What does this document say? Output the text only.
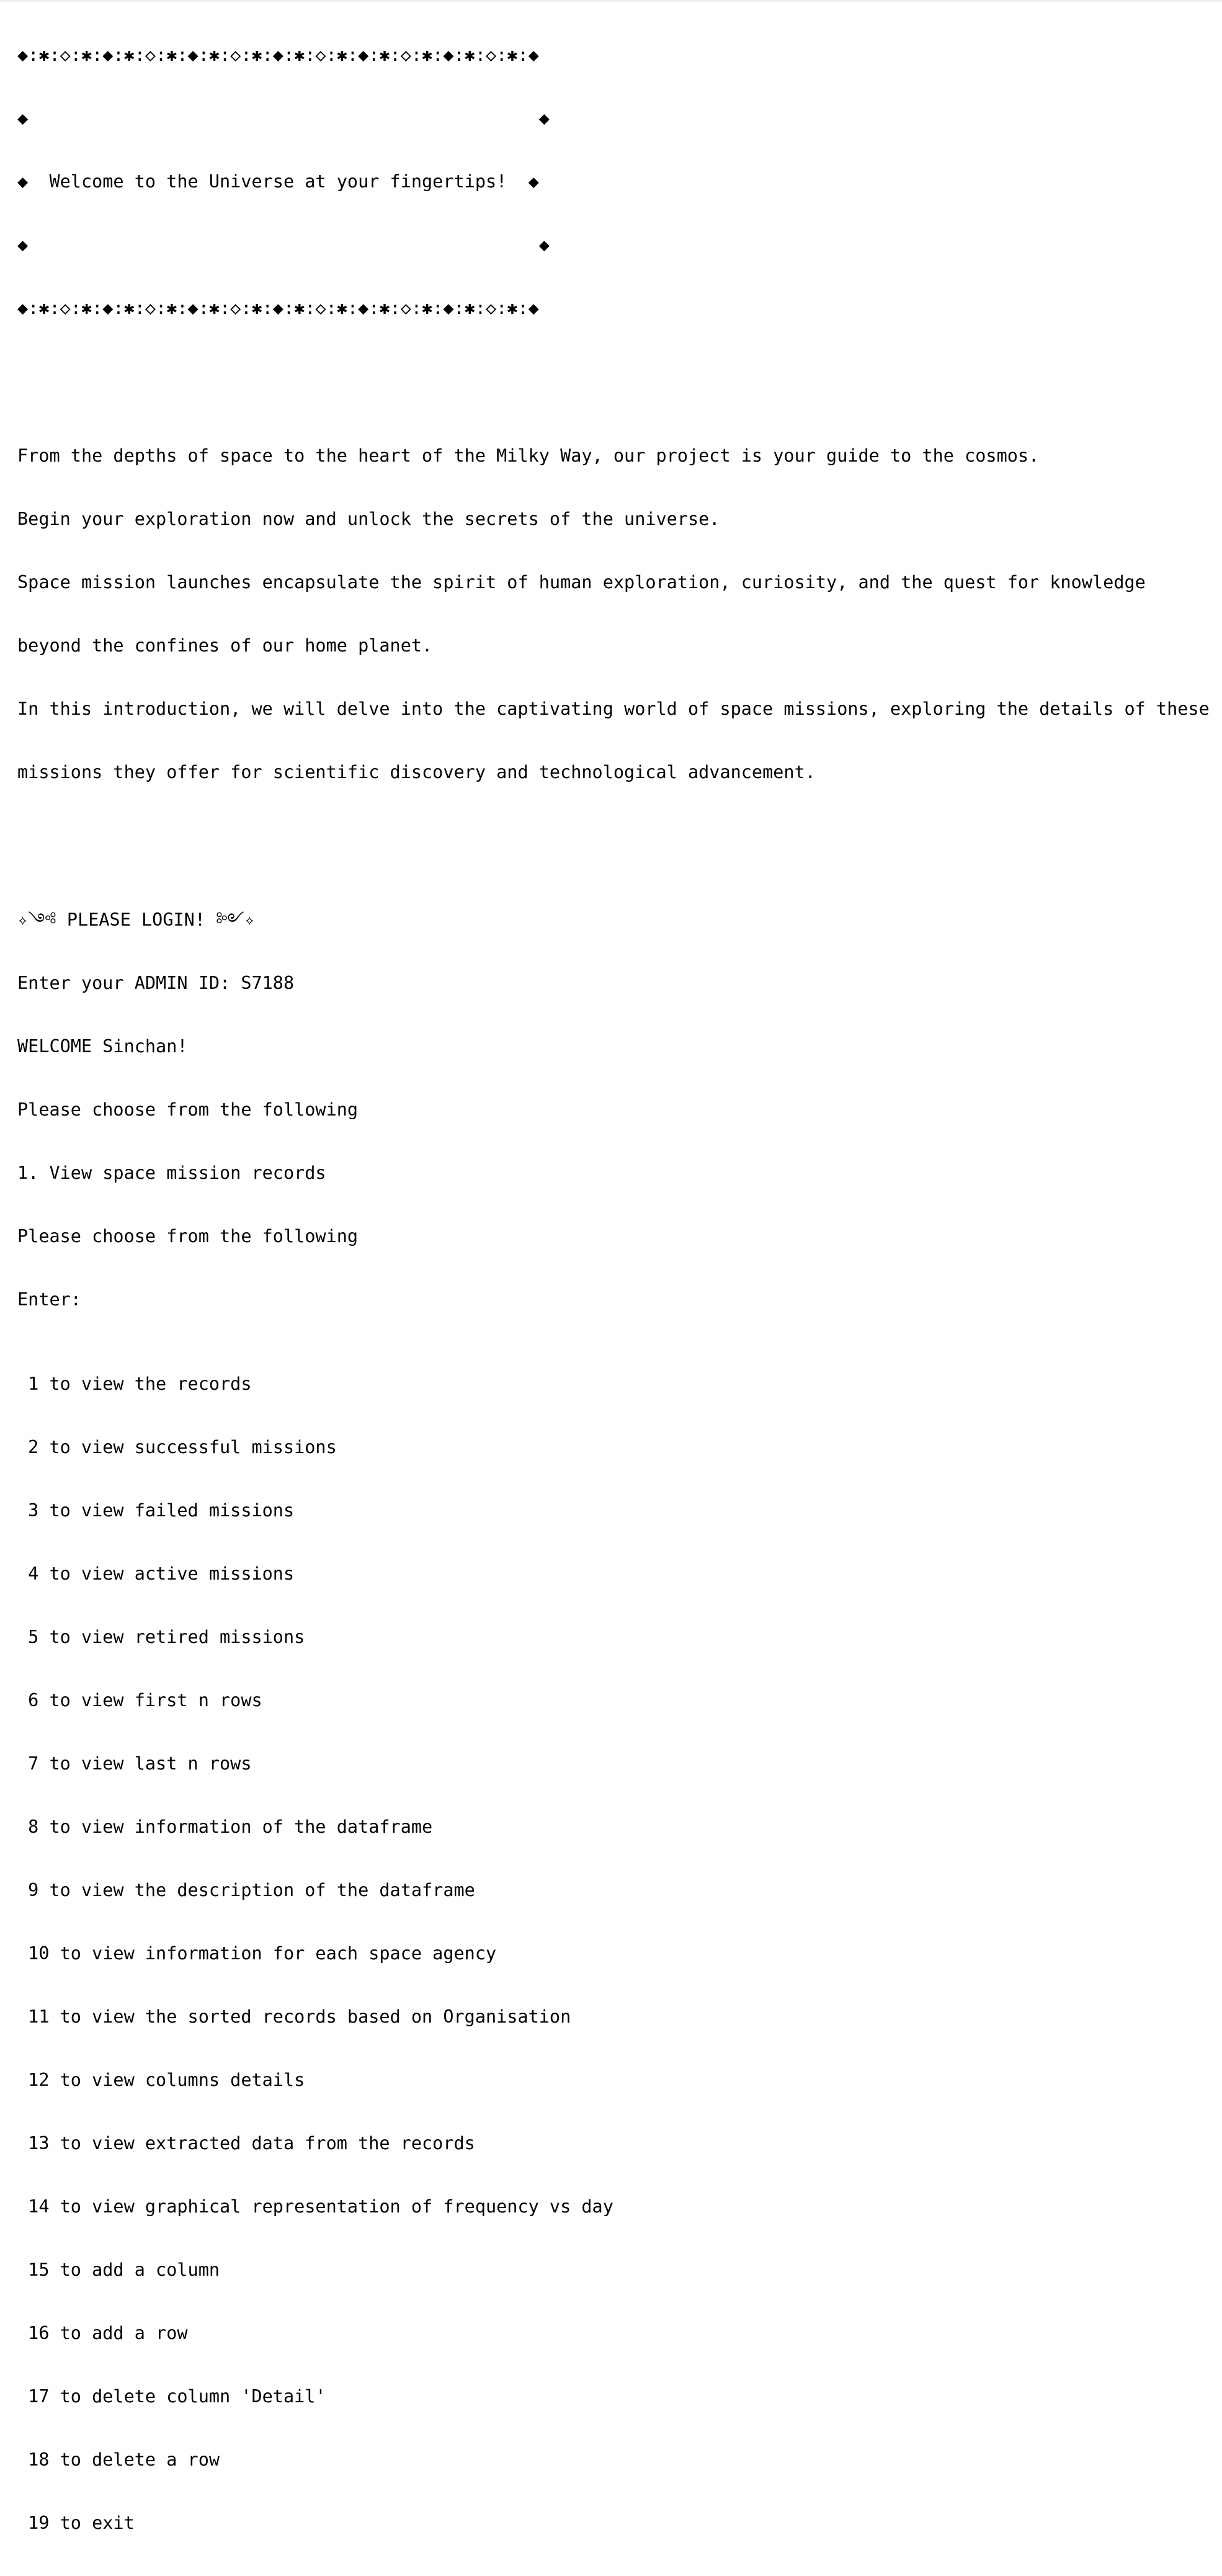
◆:✱:◇:✱:◆:✱:◇:✱:◆:✱:◇:✱:◆:✱:◇:✱:◆:✱:◇:✱:◆:✱:◇:✱:◆

◆                                                ◆

◆  Welcome to the Universe at your fingertips!  ◆

◆                                                ◆

◆:✱:◇:✱:◆:✱:◇:✱:◆:✱:◇:✱:◆:✱:◇:✱:◆:✱:◇:✱:◆:✱:◇:✱:◆

From the depths of space to the heart of the Milky Way, our project is your guide to the cosmos.

Begin your exploration now and unlock the secrets of the universe.

Space mission launches encapsulate the spirit of human exploration, curiosity, and the quest for knowledge

beyond the confines of our home planet.

In this introduction, we will delve into the captivating world of space missions, exploring the details of these

missions they offer for scientific discovery and technological advancement.

✧༺ PLEASE LOGIN! ༻✧

Enter your ADMIN ID: S7188

WELCOME Sinchan!

Please choose from the following

1. View space mission records

Please choose from the following

Enter:

1 to view the records

2 to view successful missions

3 to view failed missions

4 to view active missions

5 to view retired missions

6 to view first n rows

7 to view last n rows

8 to view information of the dataframe

9 to view the description of the dataframe

10 to view information for each space agency

11 to view the sorted records based on Organisation

12 to view columns details

13 to view extracted data from the records

14 to view graphical representation of frequency vs day

15 to add a column

16 to add a row

17 to delete column 'Detail'

18 to delete a row

19 to exit
